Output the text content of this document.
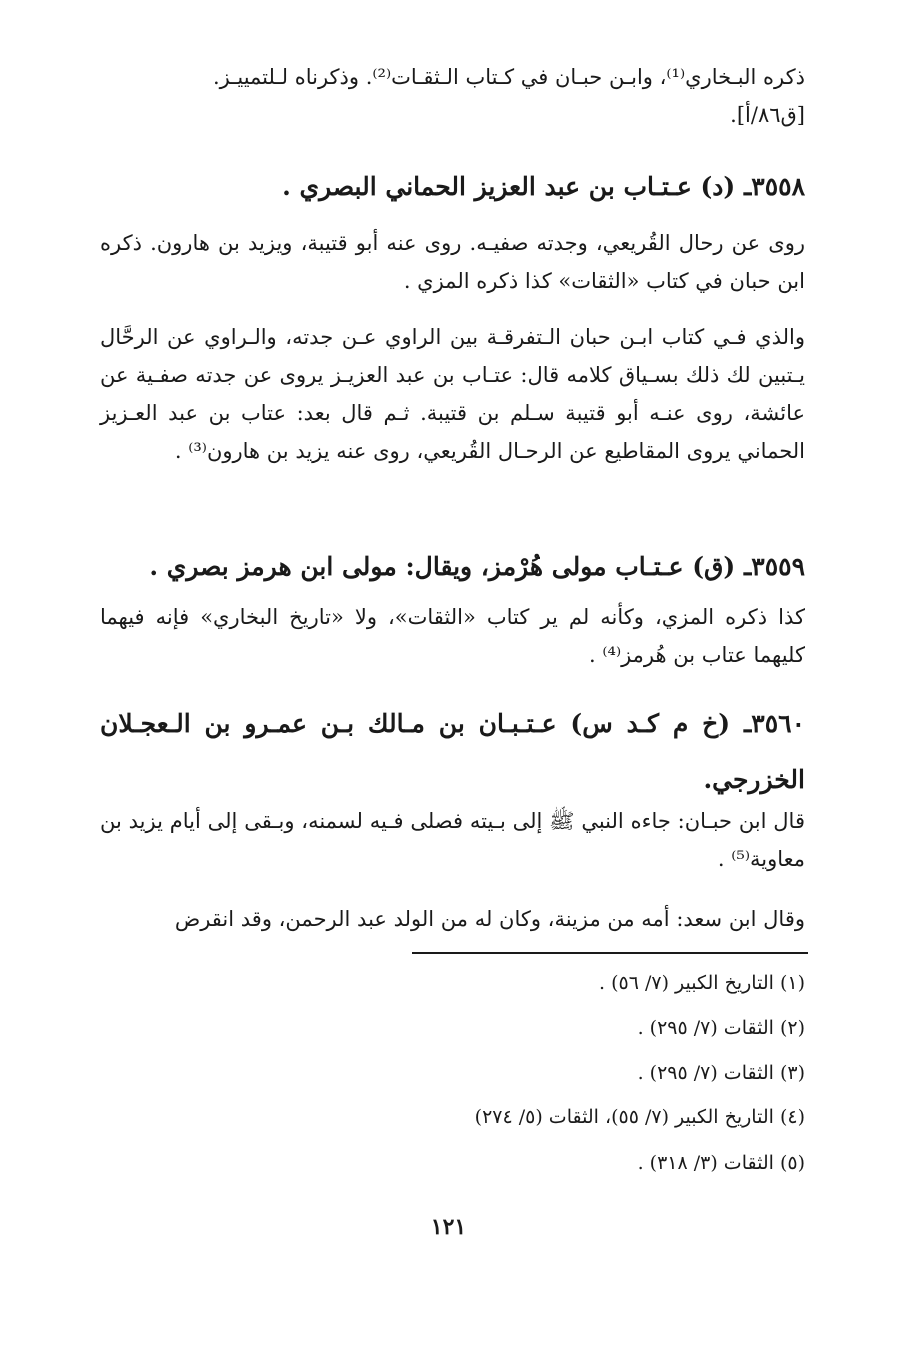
ذكره البـخاري⁽¹⁾، وابـن حبـان في كـتاب الـثقـات⁽²⁾. وذكرناه لـلتمييـز.
[ق٨٦/أ].
٣٥٥٨ـ (د) عـتـاب بن عبد العزيز الحماني البصري .
روى عن رحال القُريعي، وجدته صفيـه. روى عنه أبو قتيبة، ويزيد بن هارون. ذكره ابن حبان في كتاب «الثقات» كذا ذكره المزي .
والذي فـي كتاب ابـن حبان الـتفرقـة بين الراوي عـن جدته، والـراوي عن الرحَّال يـتبين لك ذلك بسـياق كلامه قال: عتـاب بن عبد العزيـز يروى عن جدته صفـية عن عائشة، روى عنـه أبو قتيبة سـلم بن قتيبة. ثـم قال بعد: عتاب بن عبد العـزيز الحماني يروى المقاطيع عن الرحـال القُريعي، روى عنه يزيد بن هارون⁽³⁾ .
٣٥٥٩ـ (ق) عـتـاب مولى هُرْمز، ويقال: مولى ابن هرمز بصري .
كذا ذكره المزي، وكأنه لم ير كتاب «الثقات»، ولا «تاريخ البخاري» فإنه فيهما كليهما عتاب بن هُرمز⁽⁴⁾ .
٣٥٦٠ـ (خ م كـد س) عـتـبـان بن مـالك بـن عمـرو بن الـعجـلان الخزرجي.
قال ابن حبـان: جاءه النبي ﷺ إلى بـيته فصلى فـيه لسمنه، وبـقى إلى أيام يزيد بن معاوية⁽⁵⁾ .
وقال ابن سعد: أمه من مزينة، وكان له من الولد عبد الرحمن، وقد انقرض
(١) التاريخ الكبير (٧/ ٥٦) .
(٢) الثقات (٧/ ٢٩٥) .
(٣) الثقات (٧/ ٢٩٥) .
(٤) التاريخ الكبير (٧/ ٥٥)، الثقات (٥/ ٢٧٤)
(٥) الثقات (٣/ ٣١٨) .
١٢١
